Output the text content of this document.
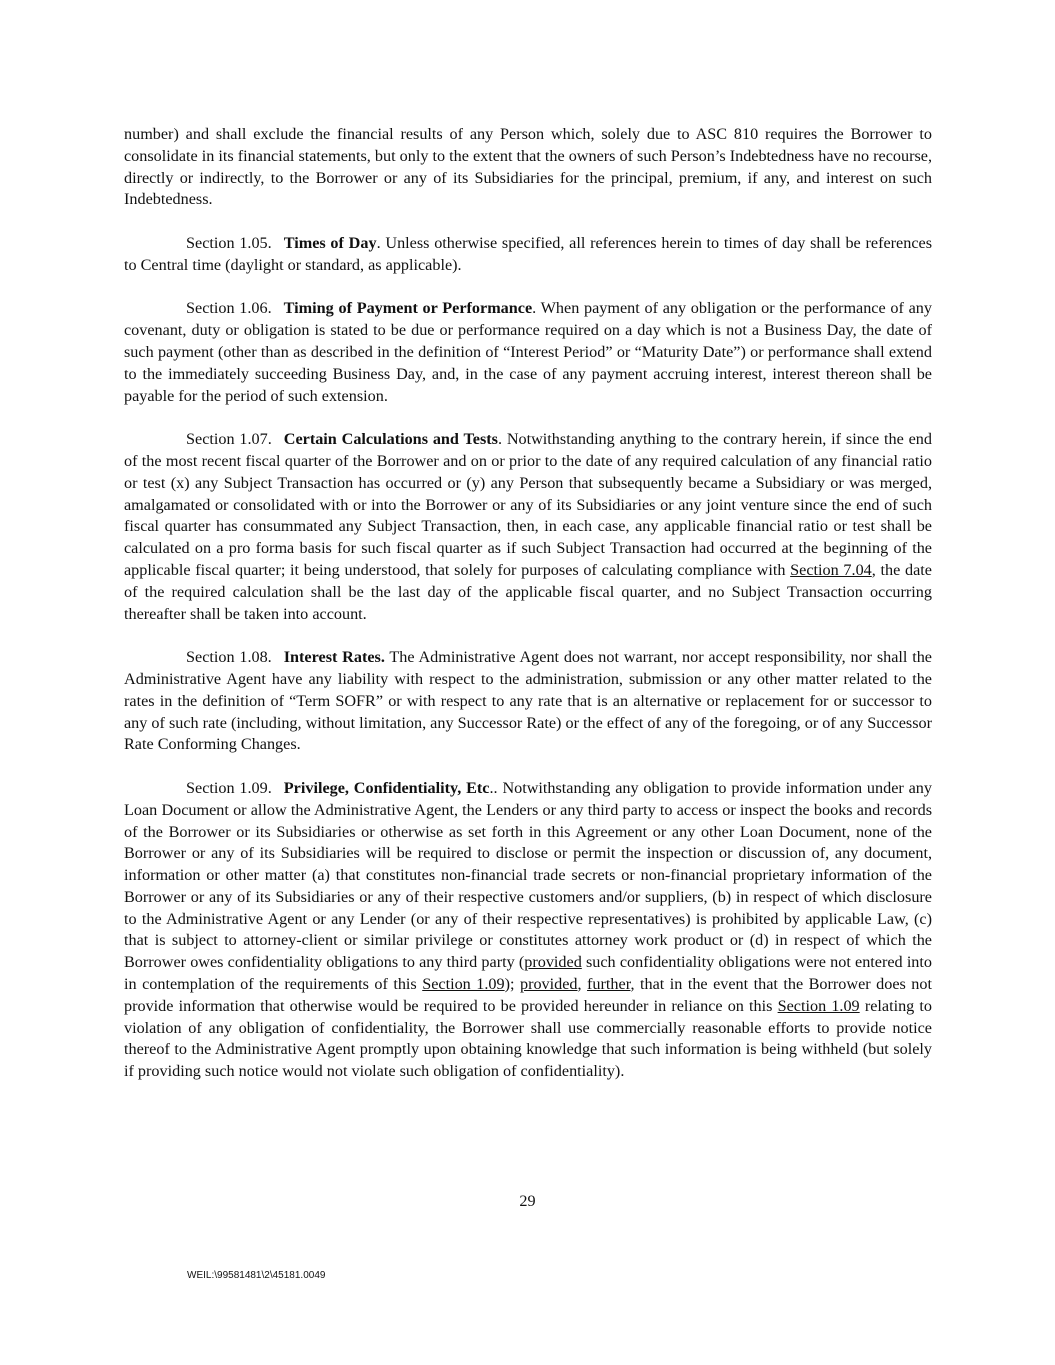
number) and shall exclude the financial results of any Person which, solely due to ASC 810 requires the Borrower to consolidate in its financial statements, but only to the extent that the owners of such Person’s Indebtedness have no recourse, directly or indirectly, to the Borrower or any of its Subsidiaries for the principal, premium, if any, and interest on such Indebtedness.

Section 1.05. Times of Day. Unless otherwise specified, all references herein to times of day shall be references to Central time (daylight or standard, as applicable).

Section 1.06. Timing of Payment or Performance. When payment of any obligation or the performance of any covenant, duty or obligation is stated to be due or performance required on a day which is not a Business Day, the date of such payment (other than as described in the definition of “Interest Period” or “Maturity Date”) or performance shall extend to the immediately succeeding Business Day, and, in the case of any payment accruing interest, interest thereon shall be payable for the period of such extension.

Section 1.07. Certain Calculations and Tests. Notwithstanding anything to the contrary herein, if since the end of the most recent fiscal quarter of the Borrower and on or prior to the date of any required calculation of any financial ratio or test (x) any Subject Transaction has occurred or (y) any Person that subsequently became a Subsidiary or was merged, amalgamated or consolidated with or into the Borrower or any of its Subsidiaries or any joint venture since the end of such fiscal quarter has consummated any Subject Transaction, then, in each case, any applicable financial ratio or test shall be calculated on a pro forma basis for such fiscal quarter as if such Subject Transaction had occurred at the beginning of the applicable fiscal quarter; it being understood, that solely for purposes of calculating compliance with Section 7.04, the date of the required calculation shall be the last day of the applicable fiscal quarter, and no Subject Transaction occurring thereafter shall be taken into account.

Section 1.08. Interest Rates. The Administrative Agent does not warrant, nor accept responsibility, nor shall the Administrative Agent have any liability with respect to the administration, submission or any other matter related to the rates in the definition of “Term SOFR” or with respect to any rate that is an alternative or replacement for or successor to any of such rate (including, without limitation, any Successor Rate) or the effect of any of the foregoing, or of any Successor Rate Conforming Changes.

Section 1.09. Privilege, Confidentiality, Etc.. Notwithstanding any obligation to provide information under any Loan Document or allow the Administrative Agent, the Lenders or any third party to access or inspect the books and records of the Borrower or its Subsidiaries or otherwise as set forth in this Agreement or any other Loan Document, none of the Borrower or any of its Subsidiaries will be required to disclose or permit the inspection or discussion of, any document, information or other matter (a) that constitutes non-financial trade secrets or non-financial proprietary information of the Borrower or any of its Subsidiaries or any of their respective customers and/or suppliers, (b) in respect of which disclosure to the Administrative Agent or any Lender (or any of their respective representatives) is prohibited by applicable Law, (c) that is subject to attorney-client or similar privilege or constitutes attorney work product or (d) in respect of which the Borrower owes confidentiality obligations to any third party (provided such confidentiality obligations were not entered into in contemplation of the requirements of this Section 1.09); provided, further, that in the event that the Borrower does not provide information that otherwise would be required to be provided hereunder in reliance on this Section 1.09 relating to violation of any obligation of confidentiality, the Borrower shall use commercially reasonable efforts to provide notice thereof to the Administrative Agent promptly upon obtaining knowledge that such information is being withheld (but solely if providing such notice would not violate such obligation of confidentiality).

29
WEIL:\99581481\2\45181.0049
